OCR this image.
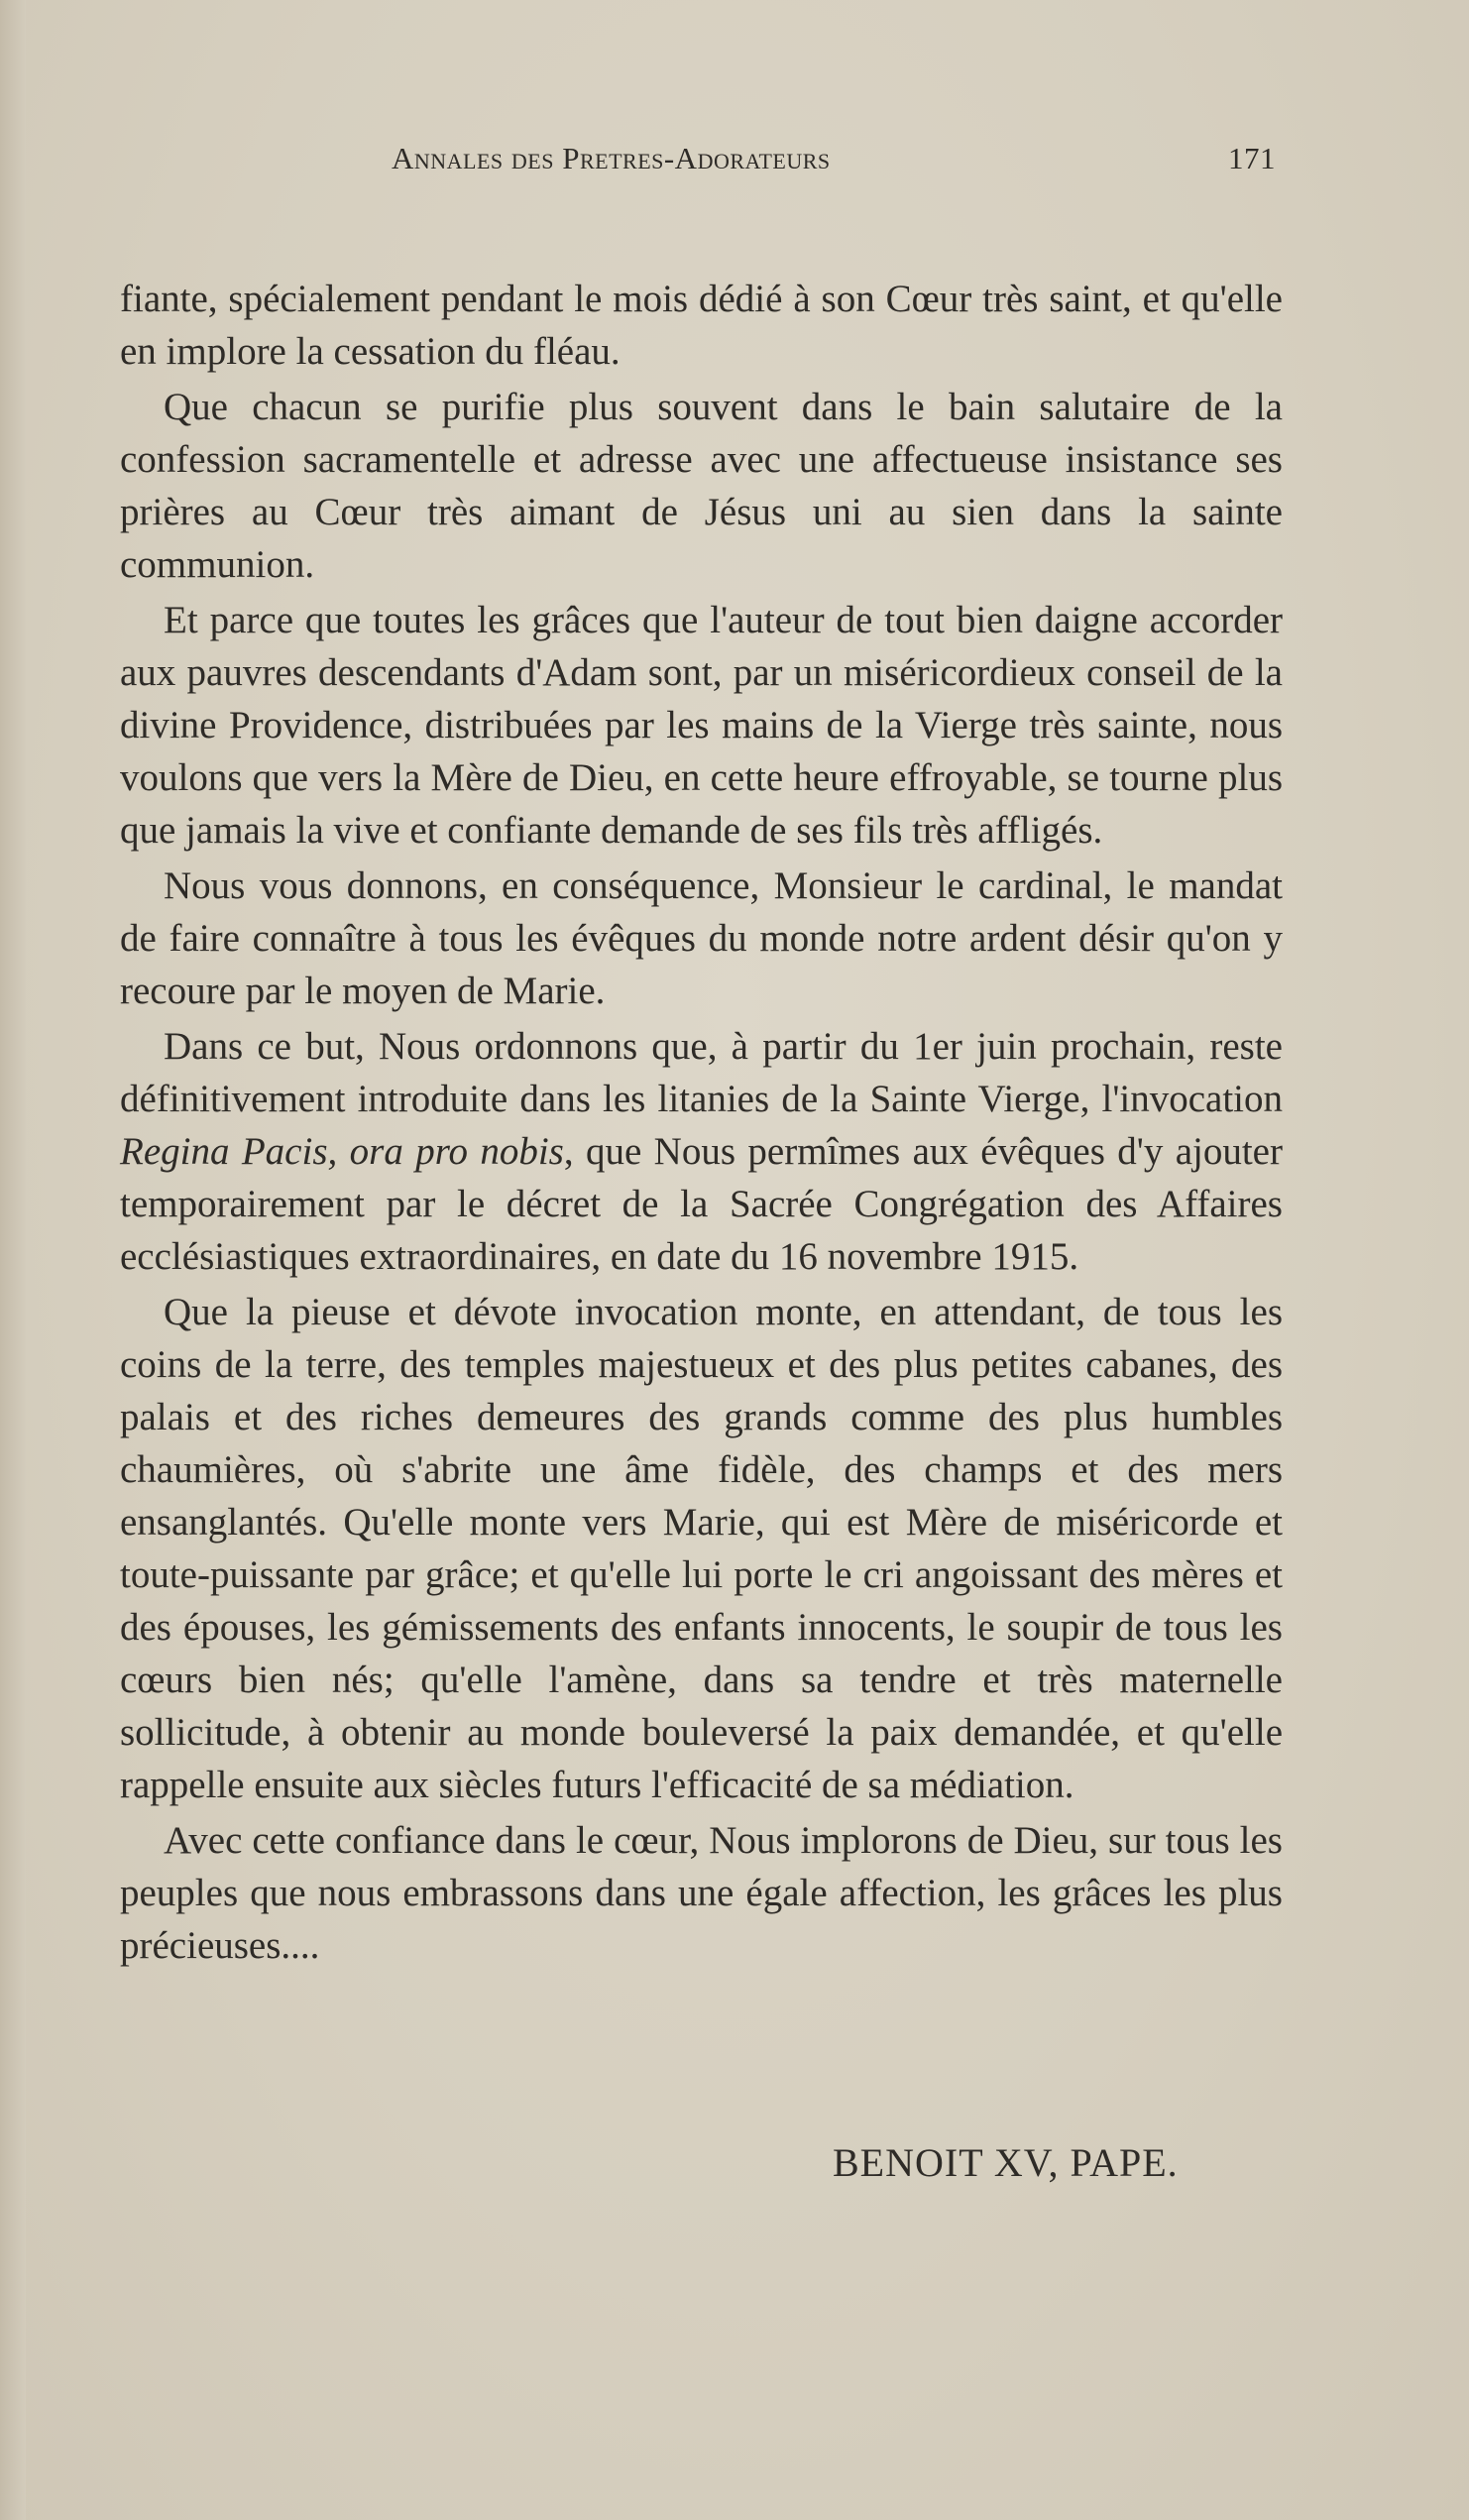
Annales des Pretres-Adorateurs	171

fiante, spécialement pendant le mois dédié à son Cœur très saint, et qu'elle en implore la cessation du fléau.

Que chacun se purifie plus souvent dans le bain salutaire de la confession sacramentelle et adresse avec une affectueuse insistance ses prières au Cœur très aimant de Jésus uni au sien dans la sainte communion.

Et parce que toutes les grâces que l'auteur de tout bien daigne accorder aux pauvres descendants d'Adam sont, par un miséricordieux conseil de la divine Providence, distribuées par les mains de la Vierge très sainte, nous voulons que vers la Mère de Dieu, en cette heure effroyable, se tourne plus que jamais la vive et confiante demande de ses fils très affligés.

Nous vous donnons, en conséquence, Monsieur le cardinal, le mandat de faire connaître à tous les évêques du monde notre ardent désir qu'on y recoure par le moyen de Marie.

Dans ce but, Nous ordonnons que, à partir du 1er juin prochain, reste définitivement introduite dans les litanies de la Sainte Vierge, l'invocation Regina Pacis, ora pro nobis, que Nous permîmes aux évêques d'y ajouter temporairement par le décret de la Sacrée Congrégation des Affaires ecclésiastiques extraordinaires, en date du 16 novembre 1915.

Que la pieuse et dévote invocation monte, en attendant, de tous les coins de la terre, des temples majestueux et des plus petites cabanes, des palais et des riches demeures des grands comme des plus humbles chaumières, où s'abrite une âme fidèle, des champs et des mers ensanglantés. Qu'elle monte vers Marie, qui est Mère de miséricorde et toute-puissante par grâce; et qu'elle lui porte le cri angoissant des mères et des épouses, les gémissements des enfants innocents, le soupir de tous les cœurs bien nés; qu'elle l'amène, dans sa tendre et très maternelle sollicitude, à obtenir au monde bouleversé la paix demandée, et qu'elle rappelle ensuite aux siècles futurs l'efficacité de sa médiation.

Avec cette confiance dans le cœur, Nous implorons de Dieu, sur tous les peuples que nous embrassons dans une égale affection, les grâces les plus précieuses....

BENOIT XV, PAPE.
